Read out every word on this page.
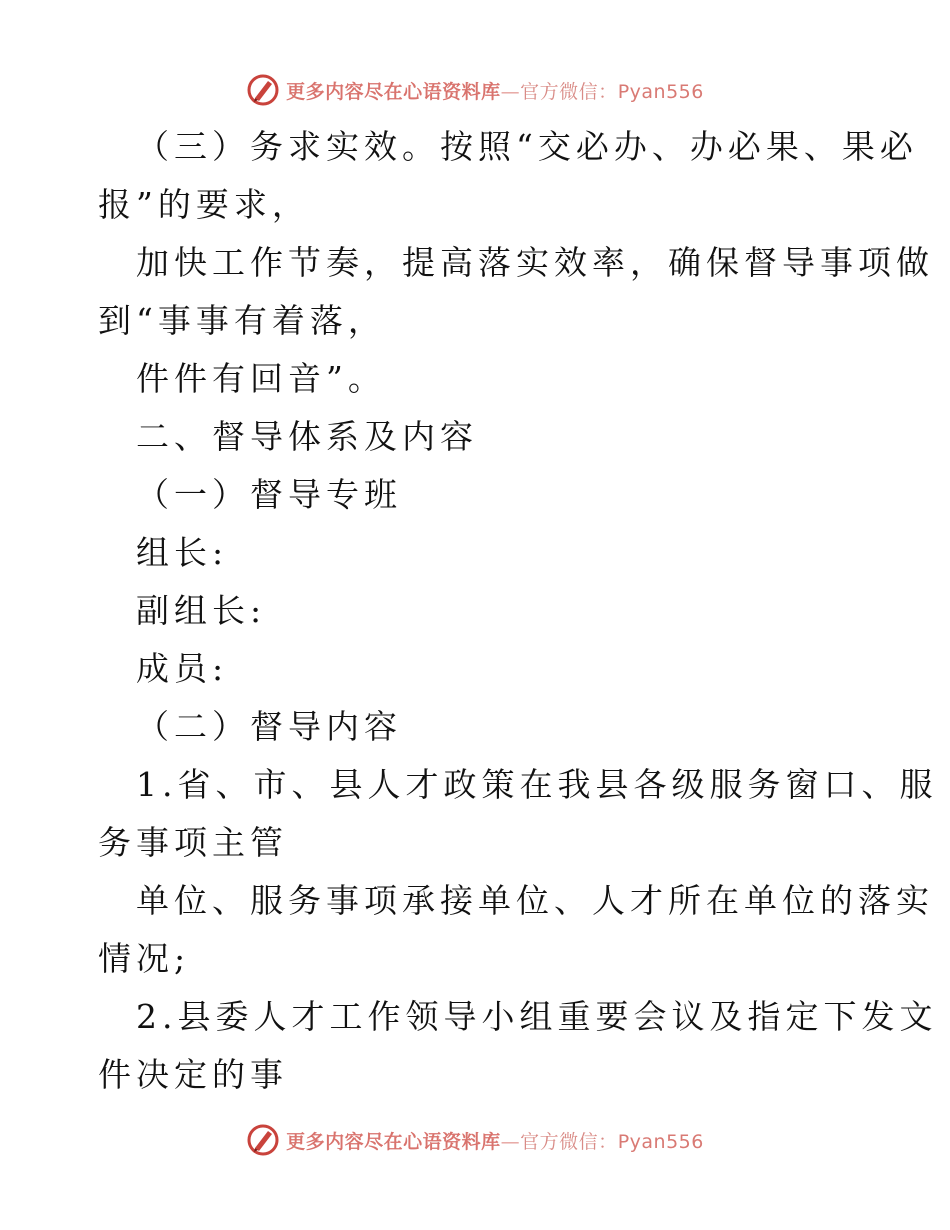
更多内容尽在心语资料库—官方微信：Pyan556
（三）务求实效。按照“交必办、办必果、果必
报”的要求，
加快工作节奏，提高落实效率，确保督导事项做
到“事事有着落，
件件有回音”。
二、督导体系及内容
（一）督导专班
组长:
副组长:
成员:
（二）督导内容
1.省、市、县人才政策在我县各级服务窗口、服
务事项主管
单位、服务事项承接单位、人才所在单位的落实
情况;
2.县委人才工作领导小组重要会议及指定下发文
件决定的事
更多内容尽在心语资料库—官方微信：Pyan556
